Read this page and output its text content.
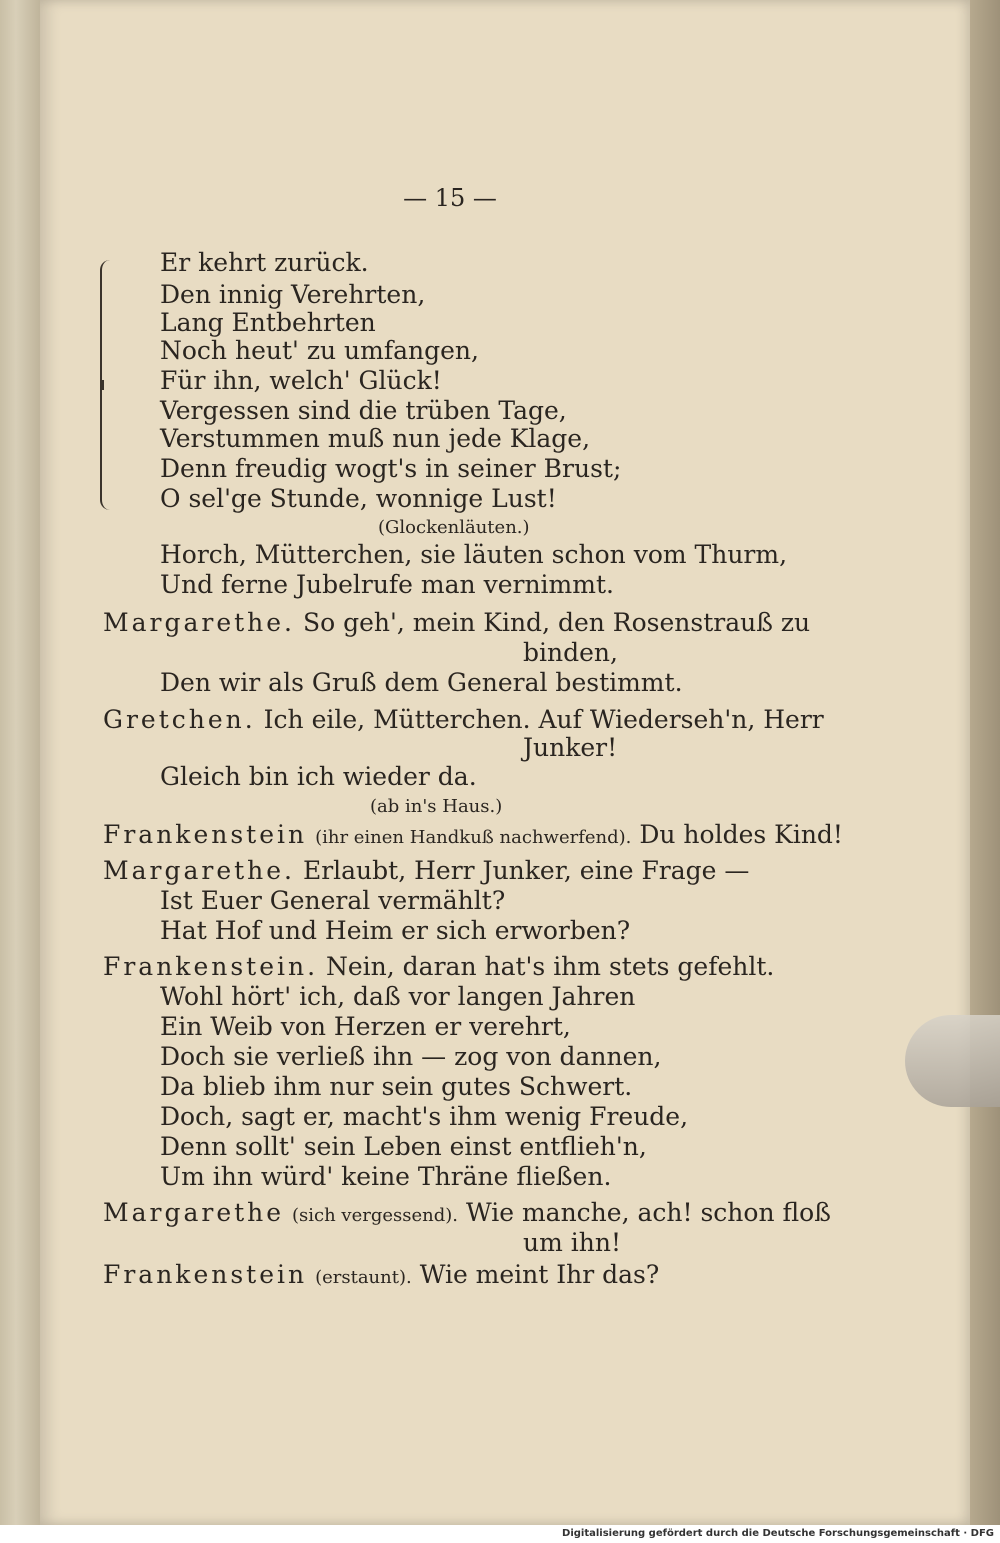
— 15 —
Er kehrt zurück.
Den innig Verehrten,
Lang Entbehrten
Noch heut' zu umfangen,
Für ihn, welch' Glück!
Vergessen sind die trüben Tage,
Verstummen muß nun jede Klage,
Denn freudig wogt's in seiner Brust;
O sel'ge Stunde, wonnige Lust!
(Glockenläuten.)
Horch, Mütterchen, sie läuten schon vom Thurm,
Und ferne Jubelrufe man vernimmt.
Margarethe. So geh', mein Kind, den Rosenstrauß zu
binden,
Den wir als Gruß dem General bestimmt.
Gretchen. Ich eile, Mütterchen. Auf Wiederseh'n, Herr
Junker!
Gleich bin ich wieder da.
(ab in's Haus.)
Frankenstein (ihr einen Handkuß nachwerfend). Du holdes Kind!
Margarethe. Erlaubt, Herr Junker, eine Frage —
Ist Euer General vermählt?
Hat Hof und Heim er sich erworben?
Frankenstein. Nein, daran hat's ihm stets gefehlt.
Wohl hört' ich, daß vor langen Jahren
Ein Weib von Herzen er verehrt,
Doch sie verließ ihn — zog von dannen,
Da blieb ihm nur sein gutes Schwert.
Doch, sagt er, macht's ihm wenig Freude,
Denn sollt' sein Leben einst entflieh'n,
Um ihn würd' keine Thräne fließen.
Margarethe (sich vergessend). Wie manche, ach! schon floß
um ihn!
Frankenstein (erstaunt). Wie meint Ihr das?
Digitalisierung gefördert durch die Deutsche Forschungsgemeinschaft · DFG
